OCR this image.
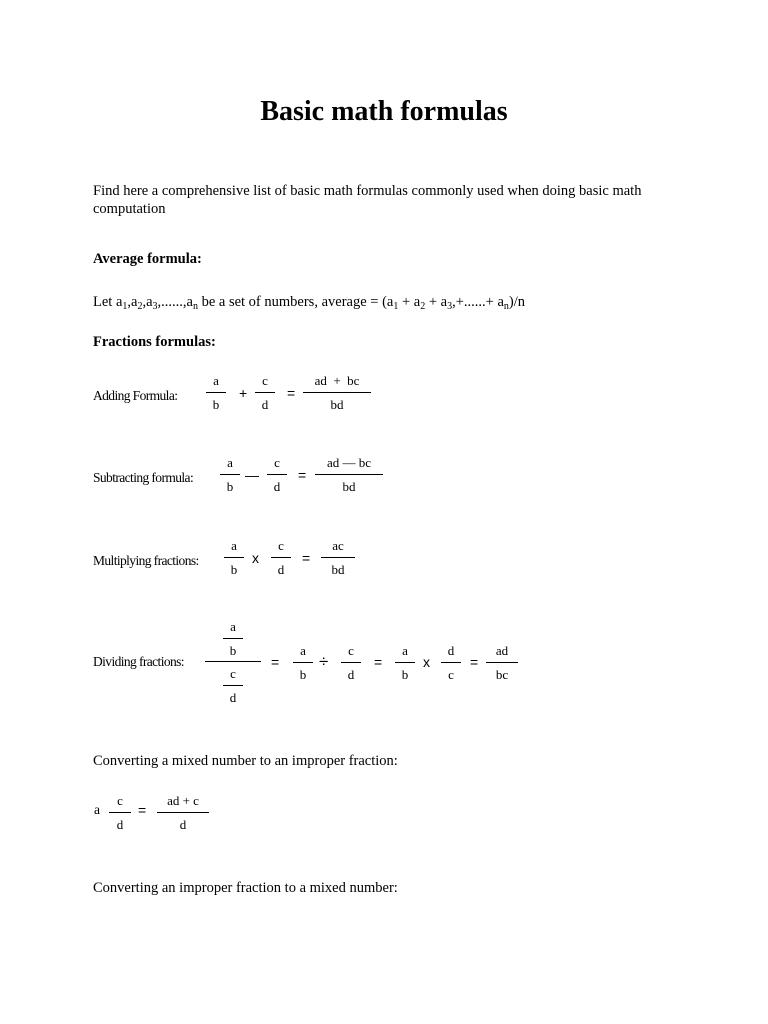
Basic math formulas

Find here a comprehensive list of basic math formulas commonly used when doing basic math computation

Average formula:

Let $a_1,a_2,a_3,......,a_n$ be a set of numbers, average = $(a_1 + a_2 + a_3,+......+ a_n)/n$

Fractions formulas:

Adding Formula:
a
b
+
c
d
=
ad  +  bc
bd
Subtracting formula:
a
b
—
c
d
=
ad — bc
bd
Multiplying fractions:
a
b
x
c
d
=
ac
bd
Dividing fractions:
a
b
c
d
=
a
b
÷
c
d
=
a
b
x
d
c
=
ad
bc

Converting a mixed number to an improper fraction:

a
c
d
=
ad + c
d

Converting an improper fraction to a mixed number:
